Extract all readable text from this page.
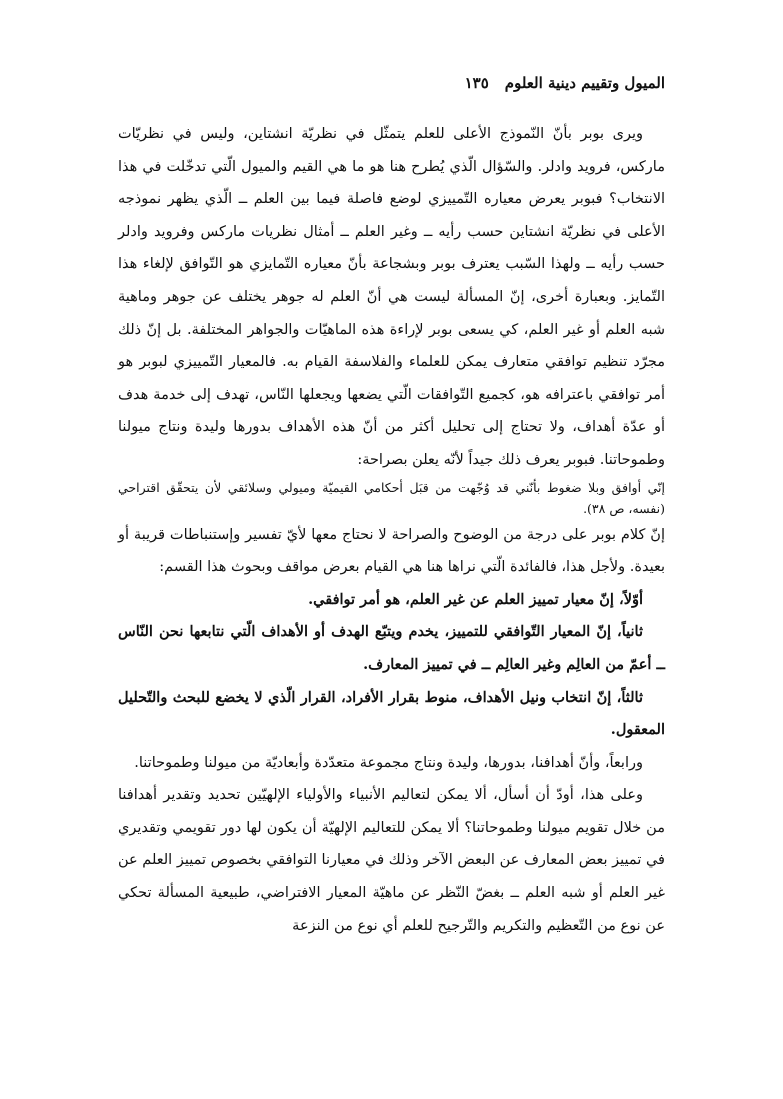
الميول وتقييم دينية العلوم
١٣٥

ويرى بوبر بأنّ النّموذج الأعلى للعلم يتمثّل في نظريّة انشتاين، وليس في نظريّات ماركس، فرويد وادلر. والسّؤال الّذي يُطرح هنا هو ما هي القيم والميول الّتي تدخّلت في هذا الانتخاب؟ فبوبر يعرض معياره التّمييزي لوضع فاصلة فيما بين العلم ــ الّذي يظهر نموذجه الأعلى في نظريّة انشتاين حسب رأيه ــ وغير العلم ــ أمثال نظريات ماركس وفرويد وادلر حسب رأيه ــ ولهذا السّبب يعترف بوبر وبشجاعة بأنّ معياره التّمايزي هو التّوافق لإلغاء هذا التّمايز. وبعبارة أخرى، إنّ المسألة ليست هي أنّ العلم له جوهر يختلف عن جوهر وماهية شبه العلم أو غير العلم، كي يسعى بوبر لإراءة هذه الماهيّات والجواهر المختلفة. بل إنّ ذلك مجرّد تنظيم توافقي متعارف يمكن للعلماء والفلاسفة القيام به. فالمعيار التّمييزي لبوبر هو أمر توافقي باعترافه هو، كجميع التّوافقات الّتي يضعها ويجعلها النّاس، تهدف إلى خدمة هدف أو عدّة أهداف، ولا تحتاج إلى تحليل أكثر من أنّ هذه الأهداف بدورها وليدة ونتاج ميولنا وطموحاتنا. فبوبر يعرف ذلك جيداً لأنّه يعلن بصراحة:

إنّي أوافق وبلا ضغوط بأنّني قد وُجّهت من قبَل أحكامي القيميّة وميولي وسلائقي لأن يتحقّق اقتراحي (نفسه، ص ٣٨).

إنّ كلام بوبر على درجة من الوضوح والصراحة لا نحتاج معها لأيّ تفسير وإستنباطات قريبة أو بعيدة. ولأجل هذا، فالفائدة الّتي نراها هنا هي القيام بعرض مواقف وبحوث هذا القسم:

أوّلاً، إنّ معيار تمييز العلم عن غير العلم، هو أمر توافقي.

ثانياً، إنّ المعيار التّوافقي للتمييز، يخدم ويتبّع الهدف أو الأهداف الّتي نتابعها نحن النّاس ــ أعمّ من العالِم وغير العالِم ــ في تمييز المعارف.

ثالثاً، إنّ انتخاب ونيل الأهداف، منوط بقرار الأفراد، القرار الّذي لا يخضع للبحث والتّحليل المعقول.

ورابعاً، وأنّ أهدافنا، بدورها، وليدة ونتاج مجموعة متعدّدة وأبعاديّة من ميولنا وطموحاتنا.

وعلى هذا، أودّ أن أسأل، ألا يمكن لتعاليم الأنبياء والأولياء الإلهيّين تحديد وتقدير أهدافنا من خلال تقويم ميولنا وطموحاتنا؟ ألا يمكن للتعاليم الإلهيّة أن يكون لها دور تقويمي وتقديري في تمييز بعض المعارف عن البعض الآخر وذلك في معيارنا التوافقي بخصوص تمييز العلم عن غير العلم أو شبه العلم ــ بغضّ النّظر عن ماهيّة المعيار الافتراضي، طبيعية المسألة تحكي عن نوع من التّعظيم والتكريم والتّرجيح للعلم أي نوع من النزعة
